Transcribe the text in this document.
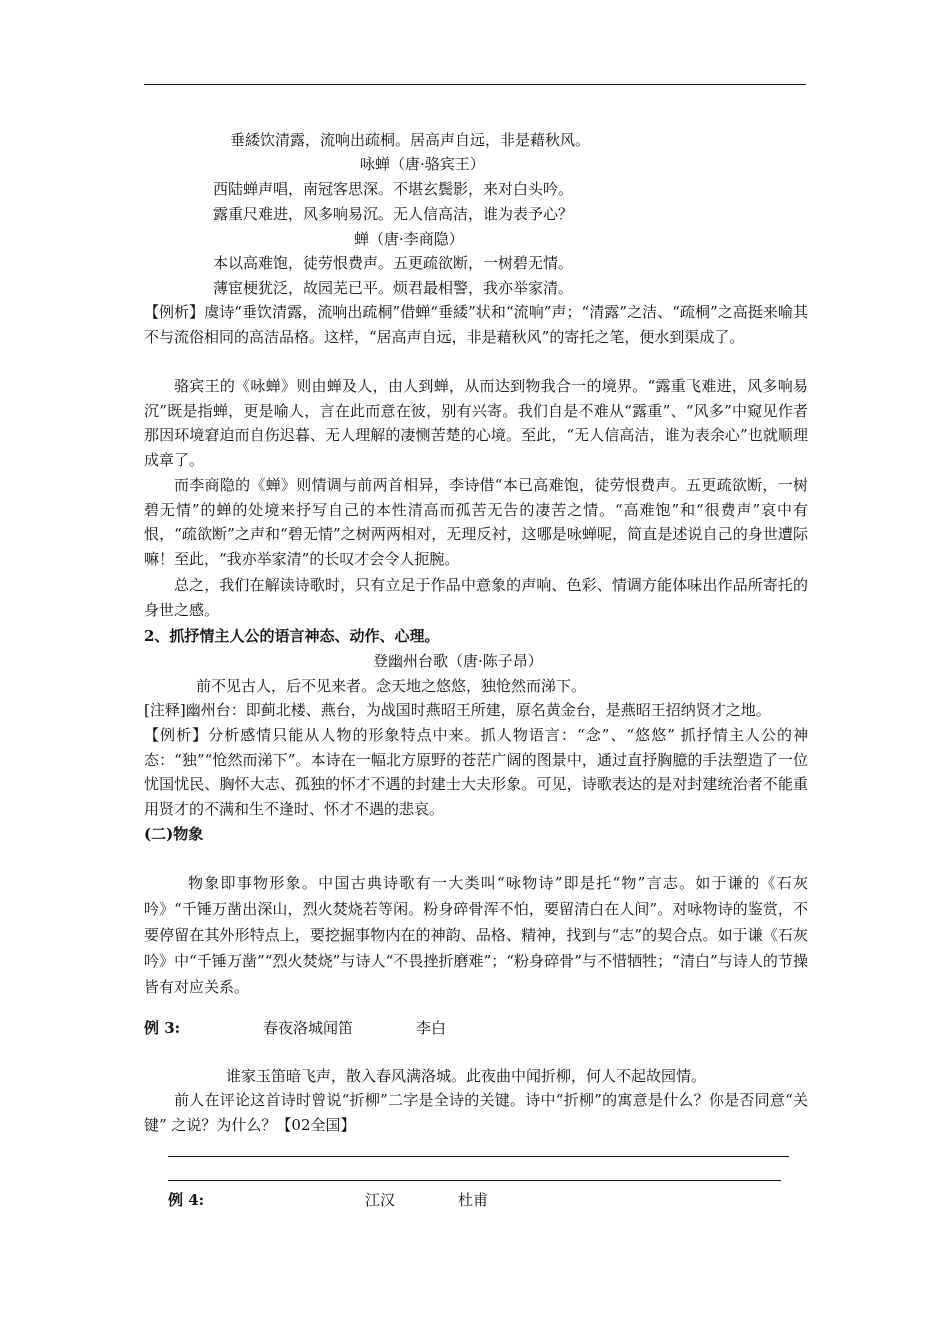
垂緌饮清露，流响出疏桐。居高声自远，非是藉秋风。
咏蝉（唐·骆宾王）
西陆蝉声唱，南冠客思深。不堪玄鬓影，来对白头吟。
露重尺难进，风多响易沉。无人信高洁，谁为表予心？
蝉（唐·李商隐）
本以高难饱，徒劳恨费声。五更疏欲断，一树碧无情。
薄宦梗犹泛，故园芜已平。烦君最相警，我亦举家清。
【例析】虞诗“垂饮清露，流响出疏桐”借蝉“垂緌”状和“流响”声；“清露”之洁、“疏桐”之高挺来喻其不与流俗相同的高洁品格。这样，“居高声自远，非是藉秋风”的寄托之笔，便水到渠成了。
骆宾王的《咏蝉》则由蝉及人，由人到蝉，从而达到物我合一的境界。“露重飞难进，风多响易沉”既是指蝉，更是喻人，言在此而意在彼，别有兴寄。我们自是不难从“露重”、“风多”中窥见作者那因环境窘迫而自伤迟暮、无人理解的凄恻苦楚的心境。至此，“无人信高洁，谁为表余心”也就顺理成章了。
而李商隐的《蝉》则情调与前两首相异，李诗借“本已高难饱，徒劳恨费声。五更疏欲断，一树碧无情”的蝉的处境来抒写自己的本性清高而孤苦无告的凄苦之情。“高难饱”和“很费声”哀中有恨，“疏欲断”之声和“碧无情”之树两两相对，无理反衬，这哪是咏蝉呢，简直是述说自己的身世遭际嘛！至此，“我亦举家清”的长叹才会令人扼腕。
总之，我们在解读诗歌时，只有立足于作品中意象的声响、色彩、情调方能体味出作品所寄托的身世之感。
2、抓抒情主人公的语言神态、动作、心理。
登幽州台歌（唐·陈子昂）
前不见古人，后不见来者。念天地之悠悠，独怆然而涕下。
[注释]幽州台：即蓟北楼、燕台，为战国时燕昭王所建，原名黄金台，是燕昭王招纳贤才之地。
【例析】分析感情只能从人物的形象特点中来。抓人物语言：“念”、“悠悠” 抓抒情主人公的神态：“独”“怆然而涕下”。本诗在一幅北方原野的苍茫广阔的图景中，通过直抒胸臆的手法塑造了一位忧国忧民、胸怀大志、孤独的怀才不遇的封建士大夫形象。可见，诗歌表达的是对封建统治者不能重用贤才的不满和生不逢时、怀才不遇的悲哀。
(二)物象
物象即事物形象。中国古典诗歌有一大类叫“咏物诗”即是托“物”言志。如于谦的《石灰吟》“千锤万凿出深山，烈火焚烧若等闲。粉身碎骨浑不怕，要留清白在人间”。对咏物诗的鉴赏，不要停留在其外形特点上，要挖掘事物内在的神韵、品格、精神，找到与“志”的契合点。如于谦《石灰吟》中“千锤万凿”“烈火焚烧”与诗人“不畏挫折磨难”；“粉身碎骨”与不惜牺牲；“清白”与诗人的节操皆有对应关系。
例 3:	春夜洛城闻笛	李白
谁家玉笛暗飞声，散入春风满洛城。此夜曲中闻折柳，何人不起故园情。
前人在评论这首诗时曾说“折柳”二字是全诗的关键。诗中“折柳”的寓意是什么？你是否同意“关键” 之说？为什么？【02全国】
例 4:	江汉	杜甫
